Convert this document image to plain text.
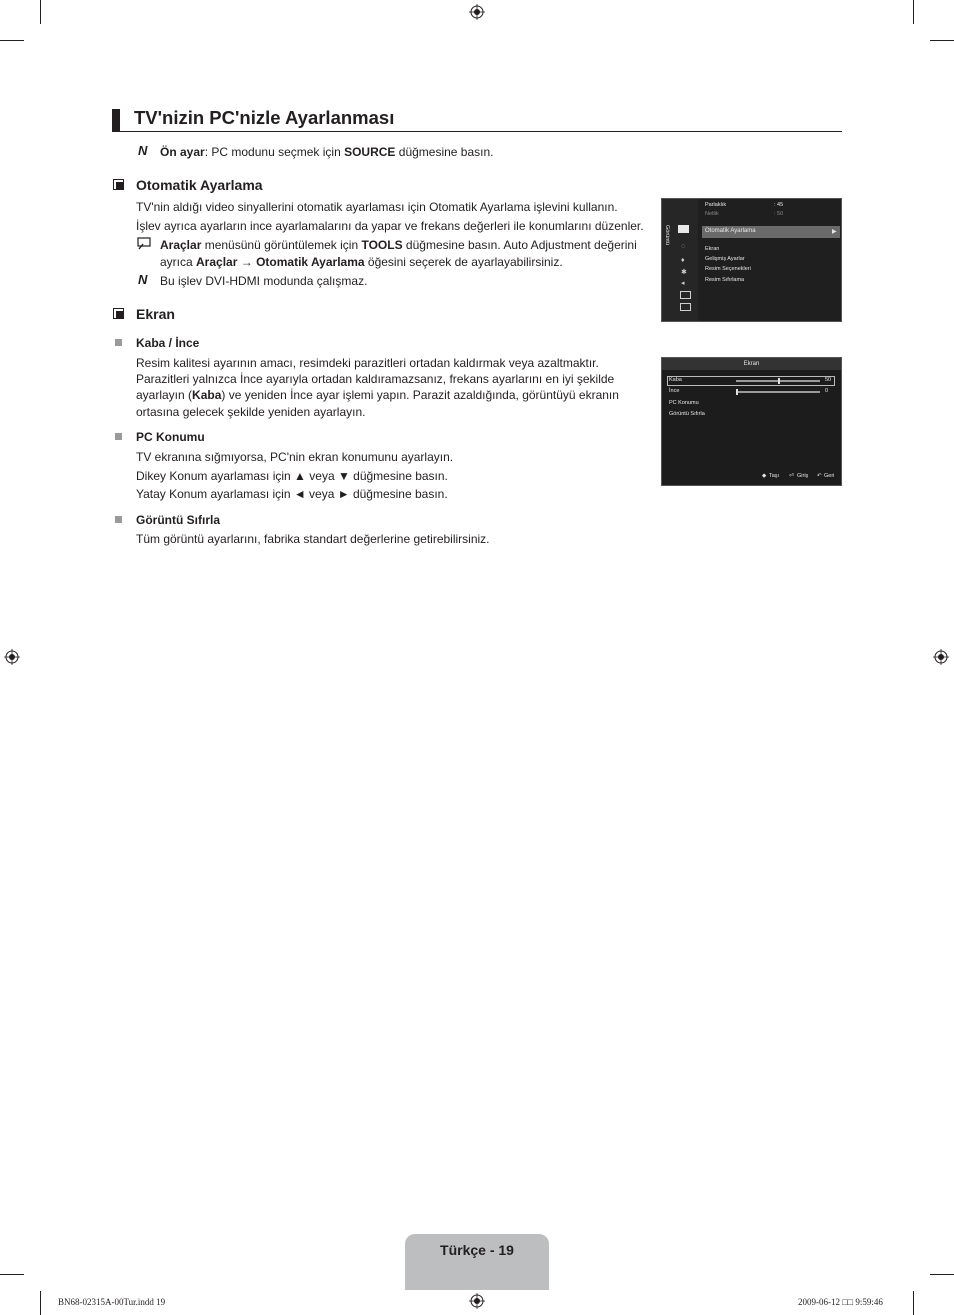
TV'nizin PC'nizle Ayarlanması
N Ön ayar: PC modunu seçmek için SOURCE düğmesine basın.
Otomatik Ayarlama
TV'nin aldığı video sinyallerini otomatik ayarlaması için Otomatik Ayarlama işlevini kullanın.
İşlev ayrıca ayarların ince ayarlamalarını da yapar ve frekans değerleri ile konumlarını düzenler.
Araçlar menüsünü görüntülemek için TOOLS düğmesine basın. Auto Adjustment değerini
ayrıca Araçlar → Otomatik Ayarlama öğesini seçerek de ayarlayabilirsiniz.
N Bu işlev DVI-HDMI modunda çalışmaz.
Ekran
Kaba / İnce
Resim kalitesi ayarının amacı, resimdeki parazitleri ortadan kaldırmak veya azaltmaktır.
Parazitleri yalnızca İnce ayarıyla ortadan kaldıramazsanız, frekans ayarlarını en iyi şekilde
ayarlayın (Kaba) ve yeniden İnce ayar işlemi yapın. Parazit azaldığında, görüntüyü ekranın
ortasına gelecek şekilde yeniden ayarlayın.
PC Konumu
TV ekranına sığmıyorsa, PC'nin ekran konumunu ayarlayın.
Dikey Konum ayarlaması için ▲ veya ▼ düğmesine basın.
Yatay Konum ayarlaması için ◄ veya ► düğmesine basın.
Görüntü Sıfırla
Tüm görüntü ayarlarını, fabrika standart değerlerine getirebilirsiniz.
Görüntü
◌
♦
✱
◂
Parlaklık	: 45
Netlik	: 50
Otomatik Ayarlama	▶
Ekran
Gelişmiş Ayarlar
Resim Seçenekleri
Resim Sıfırlama
Ekran
Kaba	50
İnce	0
PC Konumu
Görüntü Sıfırla
◆ Taşı ⏎ Giriş ↶ Geri
Türkçe - 19
BN68-02315A-00Tur.indd 19	2009-06-12 □□ 9:59:46
